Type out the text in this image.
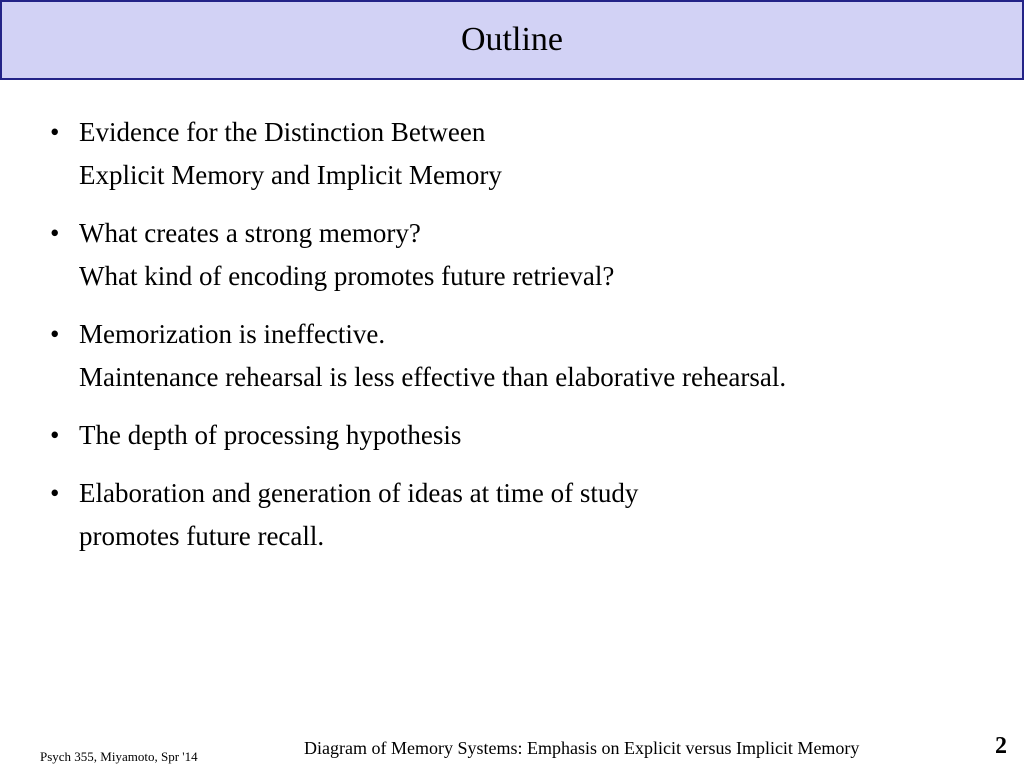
Outline
• Evidence for the Distinction Between
Explicit Memory and Implicit Memory
• What creates a strong memory?
What kind of encoding promotes future retrieval?
• Memorization is ineffective.
Maintenance rehearsal is less effective than elaborative rehearsal.
• The depth of processing hypothesis
• Elaboration and generation of ideas at time of study
promotes future recall.
Psych 355, Miyamoto, Spr '14	Diagram of Memory Systems: Emphasis on Explicit versus Implicit Memory	2
